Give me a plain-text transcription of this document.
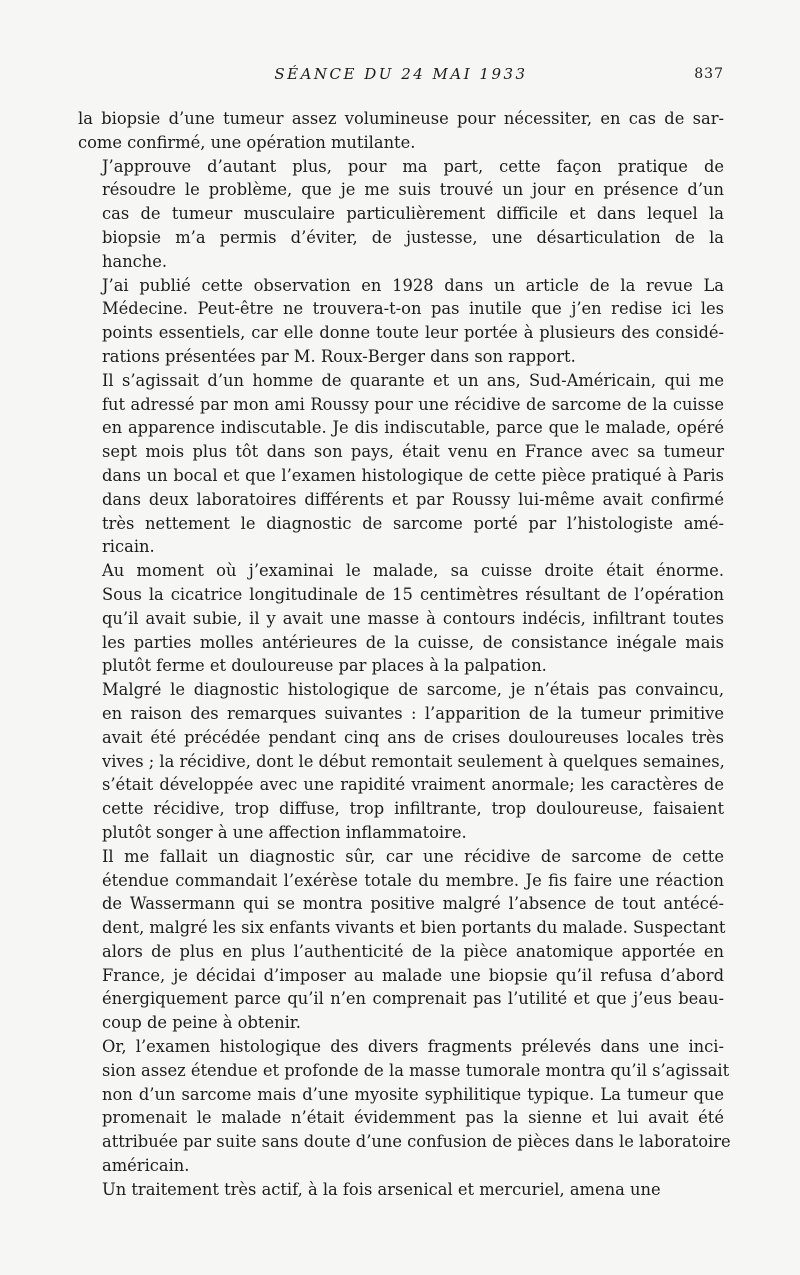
SÉANCE DU 24 MAI 1933	837

la biopsie d’une tumeur assez volumineuse pour nécessiter, en cas de sar-
come confirmé, une opération mutilante.

J’approuve d’autant plus, pour ma part, cette façon pratique de
résoudre le problème, que je me suis trouvé un jour en présence d’un
cas de tumeur musculaire particulièrement difficile et dans lequel la
biopsie m’a permis d’éviter, de justesse, une désarticulation de la
hanche.

J’ai publié cette observation en 1928 dans un article de la revue La
Médecine. Peut-être ne trouvera-t-on pas inutile que j’en redise ici les
points essentiels, car elle donne toute leur portée à plusieurs des considé-
rations présentées par M. Roux-Berger dans son rapport.

Il s’agissait d’un homme de quarante et un ans, Sud-Américain, qui me
fut adressé par mon ami Roussy pour une récidive de sarcome de la cuisse
en apparence indiscutable. Je dis indiscutable, parce que le malade, opéré
sept mois plus tôt dans son pays, était venu en France avec sa tumeur
dans un bocal et que l’examen histologique de cette pièce pratiqué à Paris
dans deux laboratoires différents et par Roussy lui-même avait confirmé
très nettement le diagnostic de sarcome porté par l’histologiste amé-
ricain.

Au moment où j’examinai le malade, sa cuisse droite était énorme.
Sous la cicatrice longitudinale de 15 centimètres résultant de l’opération
qu’il avait subie, il y avait une masse à contours indécis, infiltrant toutes
les parties molles antérieures de la cuisse, de consistance inégale mais
plutôt ferme et douloureuse par places à la palpation.

Malgré le diagnostic histologique de sarcome, je n’étais pas convaincu,
en raison des remarques suivantes : l’apparition de la tumeur primitive
avait été précédée pendant cinq ans de crises douloureuses locales très
vives ; la récidive, dont le début remontait seulement à quelques semaines,
s’était développée avec une rapidité vraiment anormale; les caractères de
cette récidive, trop diffuse, trop infiltrante, trop douloureuse, faisaient
plutôt songer à une affection inflammatoire.

Il me fallait un diagnostic sûr, car une récidive de sarcome de cette
étendue commandait l’exérèse totale du membre. Je fis faire une réaction
de Wassermann qui se montra positive malgré l’absence de tout antécé-
dent, malgré les six enfants vivants et bien portants du malade. Suspectant
alors de plus en plus l’authenticité de la pièce anatomique apportée en
France, je décidai d’imposer au malade une biopsie qu’il refusa d’abord
énergiquement parce qu’il n’en comprenait pas l’utilité et que j’eus beau-
coup de peine à obtenir.

Or, l’examen histologique des divers fragments prélevés dans une inci-
sion assez étendue et profonde de la masse tumorale montra qu’il s’agissait
non d’un sarcome mais d’une myosite syphilitique typique. La tumeur que
promenait le malade n’était évidemment pas la sienne et lui avait été
attribuée par suite sans doute d’une confusion de pièces dans le laboratoire
américain.

Un traitement très actif, à la fois arsenical et mercuriel, amena une
